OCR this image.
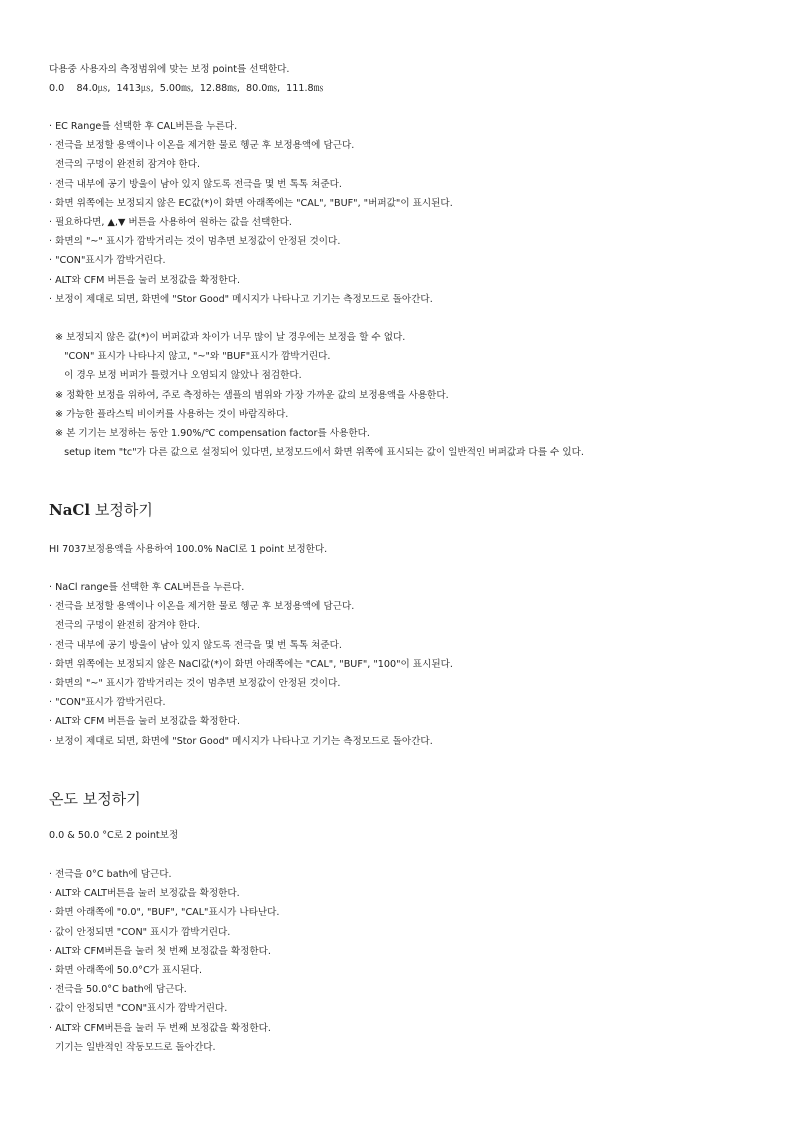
다용중 사용자의 측정범위에 맞는 보정 point를 선택한다.
0.0    84.0㎲,  1413㎲,  5.00㎳,  12.88㎳,  80.0㎳,  111.8㎳
· EC Range를 선택한 후 CAL버튼을 누른다.
· 전극을 보정할 용액이나 이온을 제거한 물로 헹군 후 보정용액에 담근다.
전극의 구멍이 완전히 잠겨야 한다.
· 전극 내부에 공기 방울이 남아 있지 않도록 전극을 몇 번 톡톡 쳐준다.
· 화면 위쪽에는 보정되지 않은 EC값(*)이 화면 아래쪽에는 "CAL", "BUF", "버퍼값"이 표시된다.
· 필요하다면, ▲,▼ 버튼을 사용하여 원하는 값을 선택한다.
· 화면의 "~" 표시가 깜박거리는 것이 멈추면 보정값이 안정된 것이다.
· "CON"표시가 깜박거린다.
· ALT와 CFM 버튼을 눌러 보정값을 확정한다.
· 보정이 제대로 되면, 화면에 "Stor Good" 메시지가 나타나고 기기는 측정모드로 돌아간다.
※ 보정되지 않은 값(*)이 버퍼값과 차이가 너무 많이 날 경우에는 보정을 할 수 없다.
"CON" 표시가 나타나지 않고, "~"와 "BUF"표시가 깜박거린다.
이 경우 보정 버퍼가 틀렸거나 오염되지 않았나 점검한다.
※ 정확한 보정을 위하여, 주로 측정하는 샘플의 범위와 가장 가까운 값의 보정용액을 사용한다.
※ 가능한 플라스틱 비이커를 사용하는 것이 바람직하다.
※ 본 기기는 보정하는 동안 1.90%/℃ compensation factor를 사용한다.
setup item "tc"가 다른 값으로 설정되어 있다면, 보정모드에서 화면 위쪽에 표시되는 값이 일반적인 버퍼값과 다를 수 있다.
NaCl 보정하기
HI 7037보정용액을 사용하여 100.0% NaCl로 1 point 보정한다.
· NaCl range를 선택한 후 CAL버튼을 누른다.
· 전극을 보정할 용액이나 이온을 제거한 물로 헹군 후 보정용액에 담근다.
전극의 구멍이 완전히 잠겨야 한다.
· 전극 내부에 공기 방울이 남아 있지 않도록 전극을 몇 번 톡톡 쳐준다.
· 화면 위쪽에는 보정되지 않은 NaCl값(*)이 화면 아래쪽에는 "CAL", "BUF", "100"이 표시된다.
· 화면의 "~" 표시가 깜박거리는 것이 멈추면 보정값이 안정된 것이다.
· "CON"표시가 깜박거린다.
· ALT와 CFM 버튼을 눌러 보정값을 확정한다.
· 보정이 제대로 되면, 화면에 "Stor Good" 메시지가 나타나고 기기는 측정모드로 돌아간다.
온도 보정하기
0.0 & 50.0 °C로 2 point보정
· 전극을 0°C bath에 담근다.
· ALT와 CALT버튼을 눌러 보정값을 확정한다.
· 화면 아래쪽에 "0.0", "BUF", "CAL"표시가 나타난다.
· 값이 안정되면 "CON" 표시가 깜박거린다.
· ALT와 CFM버튼을 눌러 첫 번째 보정값을 확정한다.
· 화면 아래쪽에 50.0°C가 표시된다.
· 전극을 50.0°C bath에 담근다.
· 값이 안정되면 "CON"표시가 깜박거린다.
· ALT와 CFM버튼을 눌러 두 번째 보정값을 확정한다.
기기는 일반적인 작동모드로 돌아간다.
